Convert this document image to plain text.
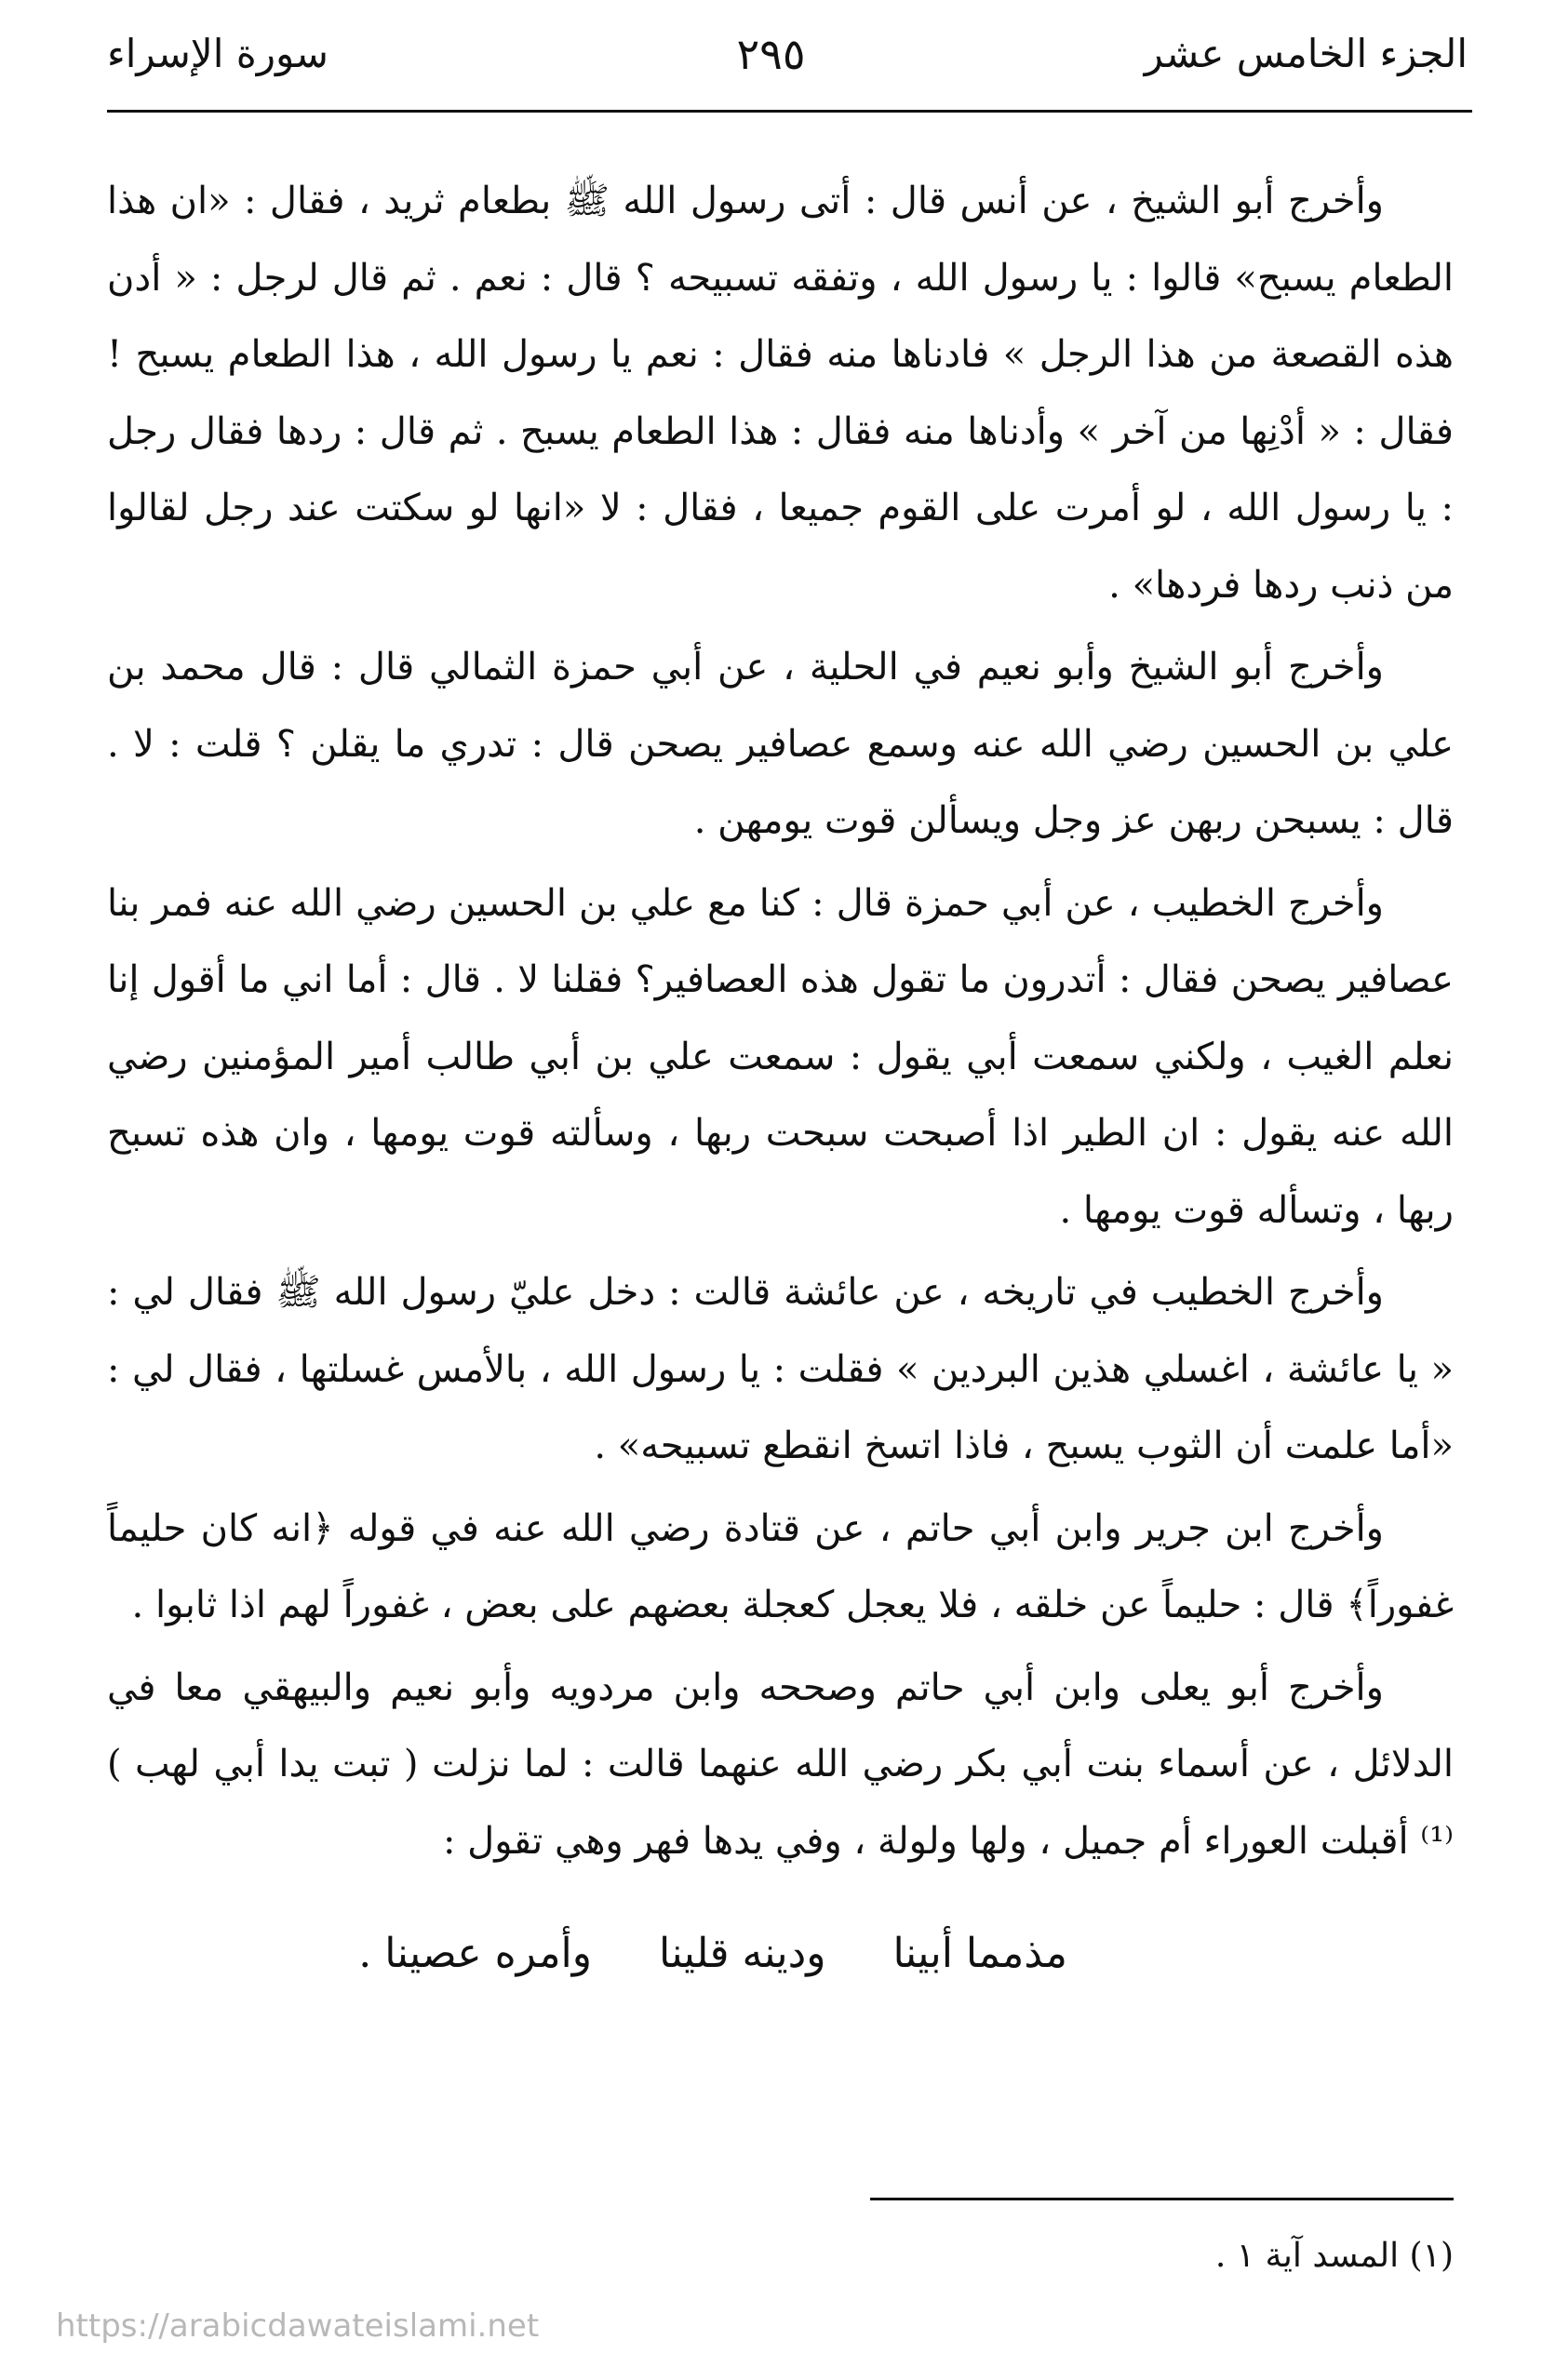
الجزء الخامس عشر
٢٩٥
سورة الإسراء

وأخرج أبو الشيخ ، عن أنس قال : أتى رسول الله ﷺ بطعام ثريد ، فقال : «ان هذا الطعام يسبح» قالوا : يا رسول الله ، وتفقه تسبيحه ؟ قال : نعم . ثم قال لرجل : « أدن هذه القصعة من هذا الرجل » فادناها منه فقال : نعم يا رسول الله ، هذا الطعام يسبح ! فقال : « أدْنِها من آخر » وأدناها منه فقال : هذا الطعام يسبح . ثم قال : ردها فقال رجل : يا رسول الله ، لو أمرت على القوم جميعا ، فقال : لا «انها لو سكتت عند رجل لقالوا من ذنب ردها فردها» .

وأخرج أبو الشيخ وأبو نعيم في الحلية ، عن أبي حمزة الثمالي قال : قال محمد بن علي بن الحسين رضي الله عنه وسمع عصافير يصحن قال : تدري ما يقلن ؟ قلت : لا . قال : يسبحن ربهن عز وجل ويسألن قوت يومهن .

وأخرج الخطيب ، عن أبي حمزة قال : كنا مع علي بن الحسين رضي الله عنه فمر بنا عصافير يصحن فقال : أتدرون ما تقول هذه العصافير؟ فقلنا لا . قال : أما اني ما أقول إنا نعلم الغيب ، ولكني سمعت أبي يقول : سمعت علي بن أبي طالب أمير المؤمنين رضي الله عنه يقول : ان الطير اذا أصبحت سبحت ربها ، وسألته قوت يومها ، وان هذه تسبح ربها ، وتسأله قوت يومها .

وأخرج الخطيب في تاريخه ، عن عائشة قالت : دخل عليّ رسول الله ﷺ فقال لي : « يا عائشة ، اغسلي هذين البردين » فقلت : يا رسول الله ، بالأمس غسلتها ، فقال لي : «أما علمت أن الثوب يسبح ، فاذا اتسخ انقطع تسبيحه» .

وأخرج ابن جرير وابن أبي حاتم ، عن قتادة رضي الله عنه في قوله ﴿انه كان حليماً غفوراً﴾ قال : حليماً عن خلقه ، فلا يعجل كعجلة بعضهم على بعض ، غفوراً لهم اذا ثابوا .

وأخرج أبو يعلى وابن أبي حاتم وصححه وابن مردويه وأبو نعيم والبيهقي معا في الدلائل ، عن أسماء بنت أبي بكر رضي الله عنهما قالت : لما نزلت ( تبت يدا أبي لهب )⁽¹⁾ أقبلت العوراء أم جميل ، ولها ولولة ، وفي يدها فهر وهي تقول :

مذمما أبينا ودينه قلينا وأمره عصينا .
(١) المسد آية ١ .
https://arabicdawateislami.net
